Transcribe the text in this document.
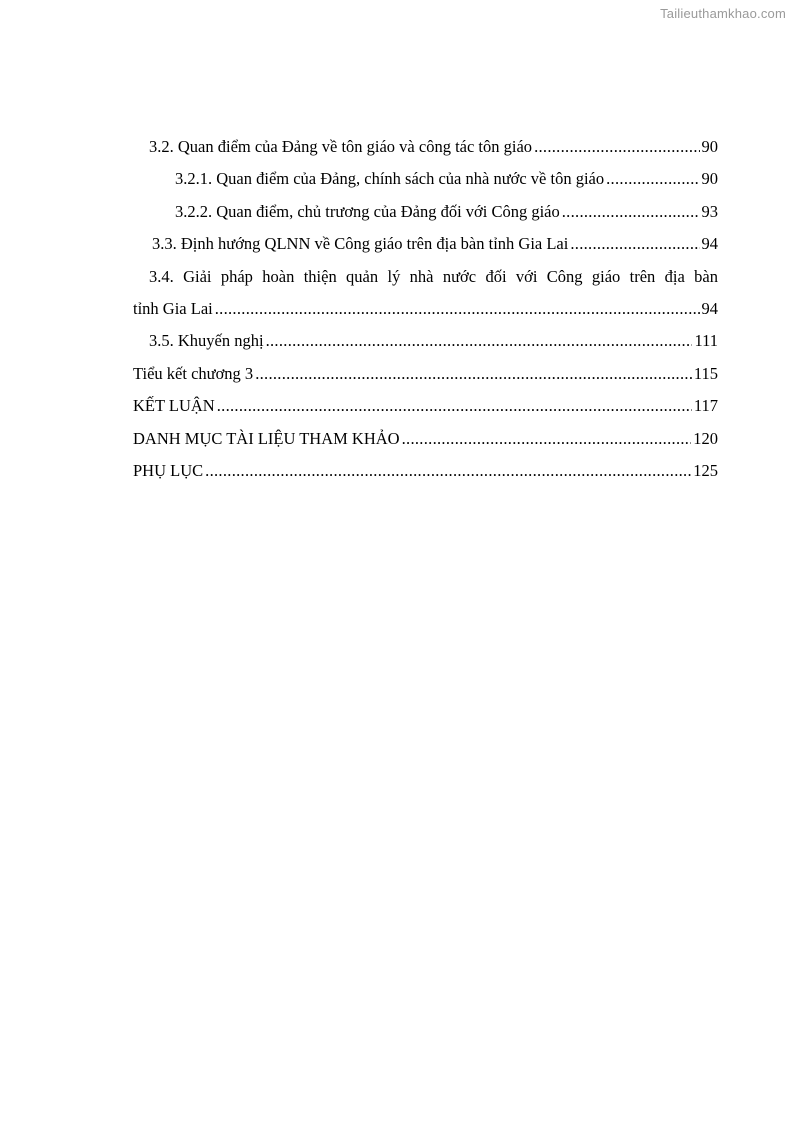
Tailieuthamkhao.com
3.2. Quan điểm của Đảng về tôn giáo và công tác tôn giáo .....	90
3.2.1. Quan điểm của Đảng, chính sách của nhà nước về tôn giáo .....	90
3.2.2. Quan điểm, chủ trương của Đảng đối với Công giáo .....	93
3.3. Định hướng QLNN về Công giáo trên địa bàn tỉnh Gia Lai .....	94
3.4. Giải pháp hoàn thiện quản lý nhà nước đối với Công giáo trên địa bàn
tỉnh Gia Lai .....	94
3.5. Khuyến nghị .....	111
Tiểu kết chương 3 .....	115
KẾT LUẬN .....	117
DANH MỤC TÀI LIỆU THAM KHẢO .....	120
PHỤ LỤC .....	125
